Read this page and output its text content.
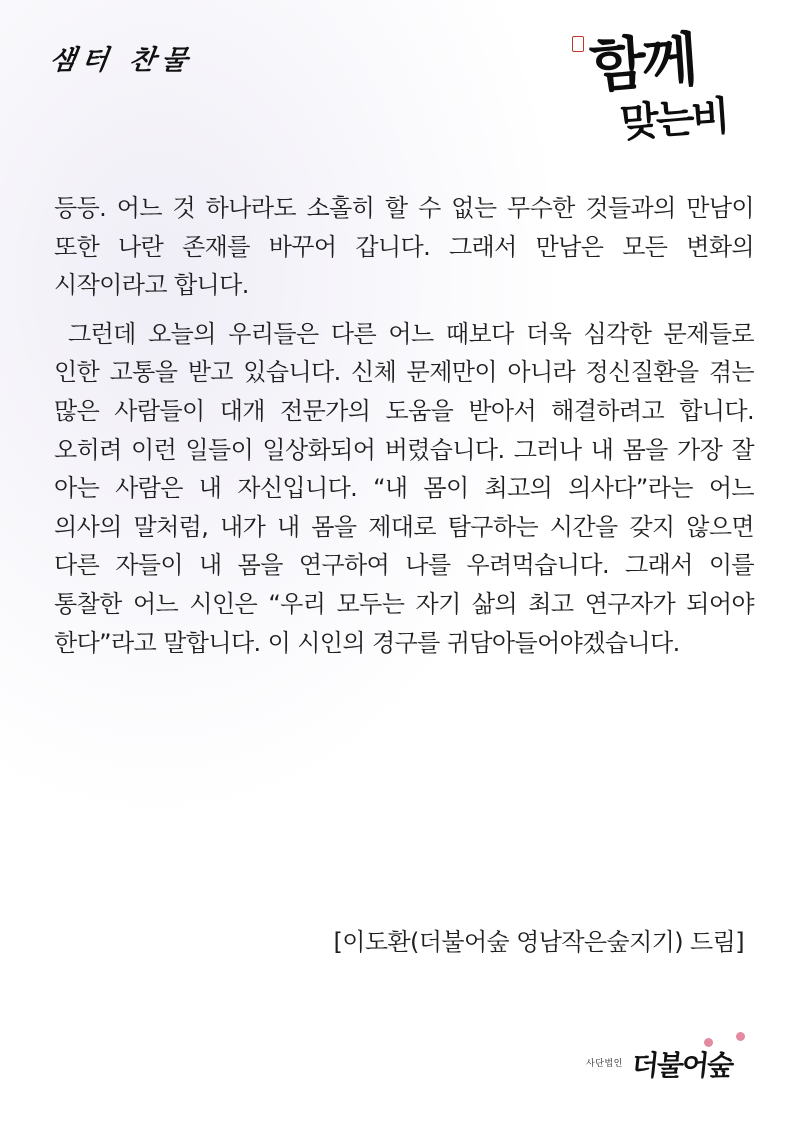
샘터 찬물	함께
맞는비

등등. 어느 것 하나라도 소홀히 할 수 없는 무수한 것들과의 만남이 또한 나란 존재를 바꾸어 갑니다. 그래서 만남은 모든 변화의 시작이라고 합니다.

그런데 오늘의 우리들은 다른 어느 때보다 더욱 심각한 문제들로 인한 고통을 받고 있습니다. 신체 문제만이 아니라 정신질환을 겪는 많은 사람들이 대개 전문가의 도움을 받아서 해결하려고 합니다. 오히려 이런 일들이 일상화되어 버렸습니다. 그러나 내 몸을 가장 잘 아는 사람은 내 자신입니다. “내 몸이 최고의 의사다”라는 어느 의사의 말처럼, 내가 내 몸을 제대로 탐구하는 시간을 갖지 않으면 다른 자들이 내 몸을 연구하여 나를 우려먹습니다. 그래서 이를 통찰한 어느 시인은 “우리 모두는 자기 삶의 최고 연구자가 되어야 한다”라고 말합니다. 이 시인의 경구를 귀담아들어야겠습니다.

[이도환(더불어숲 영남작은숲지기) 드림]
사단법인 더불어숲
